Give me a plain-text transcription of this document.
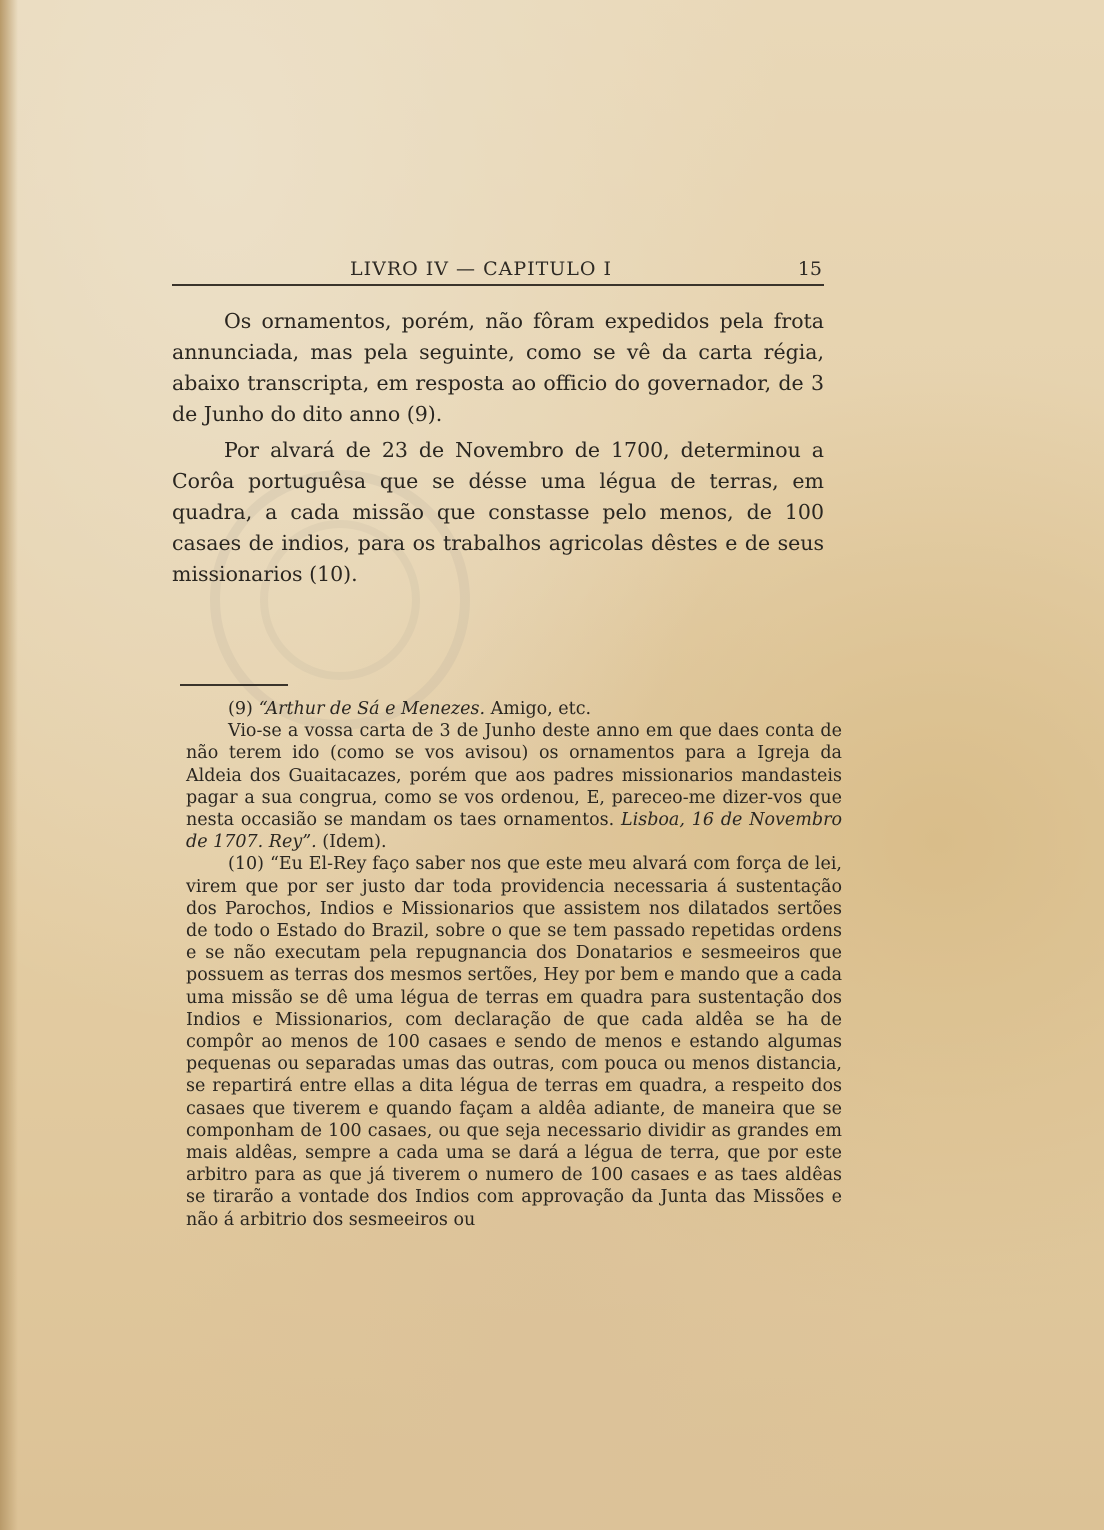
LIVRO IV — CAPITULO I	15

Os ornamentos, porém, não fôram expedidos pela frota annunciada, mas pela seguinte, como se vê da carta régia, abaixo transcripta, em resposta ao officio do governador, de 3 de Junho do dito anno (9).

Por alvará de 23 de Novembro de 1700, determinou a Corôa portuguêsa que se désse uma légua de terras, em quadra, a cada missão que constasse pelo menos, de 100 casaes de indios, para os trabalhos agricolas dêstes e de seus missionarios (10).

(9) “Arthur de Sá e Menezes. Amigo, etc.

Vio-se a vossa carta de 3 de Junho deste anno em que daes conta de não terem ido (como se vos avisou) os ornamentos para a Igreja da Aldeia dos Guaitacazes, porém que aos padres missionarios mandasteis pagar a sua congrua, como se vos ordenou, E, pareceo-me dizer-vos que nesta occasião se mandam os taes ornamentos. Lisboa, 16 de Novembro de 1707. Rey”. (Idem).

(10) “Eu El-Rey faço saber nos que este meu alvará com força de lei, virem que por ser justo dar toda providencia necessaria á sustentação dos Parochos, Indios e Missionarios que assistem nos dilatados sertões de todo o Estado do Brazil, sobre o que se tem passado repetidas ordens e se não executam pela repugnancia dos Donatarios e sesmeeiros que possuem as terras dos mesmos sertões, Hey por bem e mando que a cada uma missão se dê uma légua de terras em quadra para sustentação dos Indios e Missionarios, com declaração de que cada aldêa se ha de compôr ao menos de 100 casaes e sendo de menos e estando algumas pequenas ou separadas umas das outras, com pouca ou menos distancia, se repartirá entre ellas a dita légua de terras em quadra, a respeito dos casaes que tiverem e quando façam a aldêa adiante, de maneira que se componham de 100 casaes, ou que seja necessario dividir as grandes em mais aldêas, sempre a cada uma se dará a légua de terra, que por este arbitro para as que já tiverem o numero de 100 casaes e as taes aldêas se tirarão a vontade dos Indios com approvação da Junta das Missões e não á arbitrio dos sesmeeiros ou
